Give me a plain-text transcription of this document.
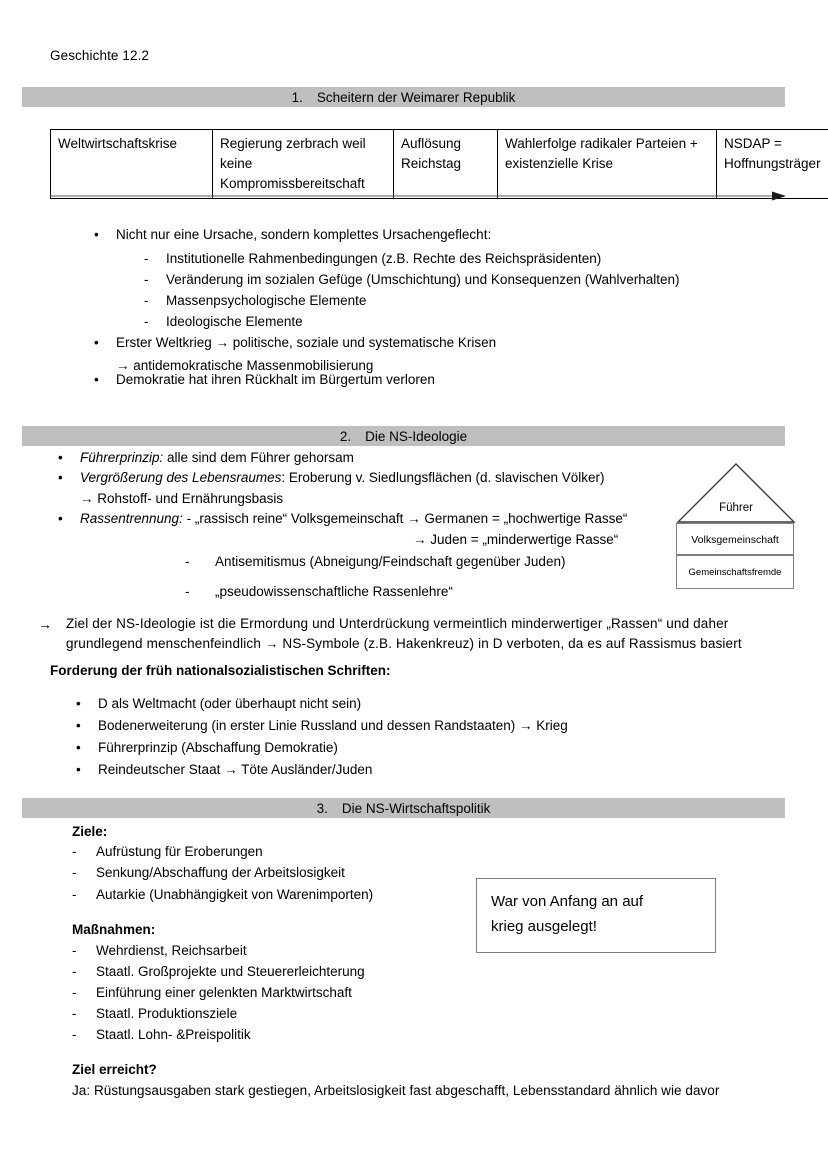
Geschichte 12.2
1. Scheitern der Weimarer Republik
Weltwirtschaftskrise	Regierung zerbrach weil keine Kompromissbereitschaft	Auflösung Reichstag	Wahlerfolge radikaler Parteien + existenzielle Krise	NSDAP = Hoffnungsträger
• Nicht nur eine Ursache, sondern komplettes Ursachengeflecht:
- Institutionelle Rahmenbedingungen (z.B. Rechte des Reichspräsidenten)
- Veränderung im sozialen Gefüge (Umschichtung) und Konsequenzen (Wahlverhalten)
- Massenpsychologische Elemente
- Ideologische Elemente
• Erster Weltkrieg → politische, soziale und systematische Krisen
→ antidemokratische Massenmobilisierung
• Demokratie hat ihren Rückhalt im Bürgertum verloren
2. Die NS-Ideologie
• Führerprinzip: alle sind dem Führer gehorsam
• Vergrößerung des Lebensraumes: Eroberung v. Siedlungsflächen (d. slavischen Völker)
→ Rohstoff- und Ernährungsbasis
• Rassentrennung: - „rassisch reine“ Volksgemeinschaft → Germanen = „hochwertige Rasse“
→ Juden = „minderwertige Rasse“
- Antisemitismus (Abneigung/Feindschaft gegenüber Juden)
- „pseudowissenschaftliche Rassenlehre“
Führer
Volksgemeinschaft
Gemeinschaftsfremde
→ Ziel der NS-Ideologie ist die Ermordung und Unterdrückung vermeintlich minderwertiger „Rassen“ und daher
grundlegend menschenfeindlich → NS-Symbole (z.B. Hakenkreuz) in D verboten, da es auf Rassismus basiert
Forderung der früh nationalsozialistischen Schriften:
• D als Weltmacht (oder überhaupt nicht sein)
• Bodenerweiterung (in erster Linie Russland und dessen Randstaaten) → Krieg
• Führerprinzip (Abschaffung Demokratie)
• Reindeutscher Staat → Töte Ausländer/Juden
3. Die NS-Wirtschaftspolitik
Ziele:
- Aufrüstung für Eroberungen
- Senkung/Abschaffung der Arbeitslosigkeit
- Autarkie (Unabhängigkeit von Warenimporten)
Maßnahmen:
- Wehrdienst, Reichsarbeit
- Staatl. Großprojekte und Steuererleichterung
- Einführung einer gelenkten Marktwirtschaft
- Staatl. Produktionsziele
- Staatl. Lohn- &Preispolitik
War von Anfang an auf
krieg ausgelegt!
Ziel erreicht?
Ja: Rüstungsausgaben stark gestiegen, Arbeitslosigkeit fast abgeschafft, Lebensstandard ähnlich wie davor
